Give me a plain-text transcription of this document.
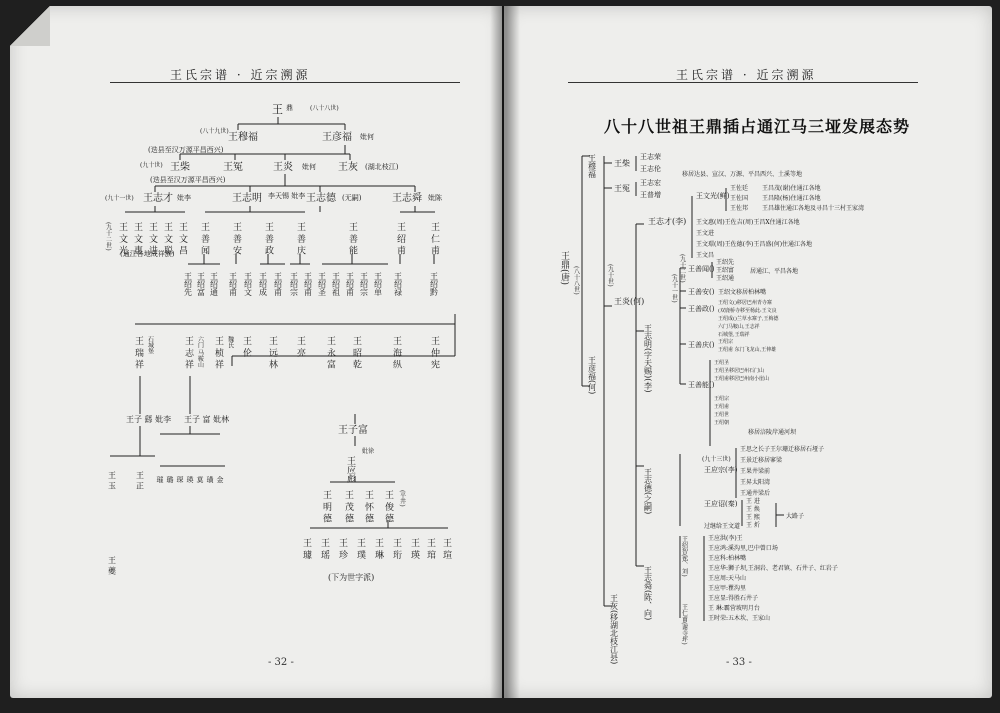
王氏宗谱 · 近宗溯源
王 鼎	(八十八世)
(八十九世)
王穆福	王彦福 妣何
(迭县至汉万源平昌西兴)
(九十世) 王柴	王冤	王炎 妣何 王灰 (湖北枝江)
(迭县至汉万源平昌西兴)
(九十一世) 王志才 妣李	王志明 李天锡 妣李 王志德 (无嗣)	王志舜 妣陈
王 文 光 王 文 惠 王 文 进 王 文 聪 王 文 昌 王 善 闻 王 善 安 王 善 政 王 善 庆	王 善 能	王 绍 甫	王 仁 甫
(九十二世)
(通江各地成祥族)
王绍先 王绍富 王绍通 王绍甫 王绍文 王绍成 王绍甫 王绍宗 王绍甫 王绍圣 王绍祖 王绍甫 王绍宗 王绍单 王绍禄	王绍黔
王 瑞 祥 石城堡	王 志 祥 六门 马鞍山 王 桢 祥 魏氏 王 伦 王 远 林 王 亮 王 永 富 王 昭 乾	王 海 纵	王 仲 宪
王子富
王应彪
妣徐
王 明 德 王 茂 德 王 怀 德 王 俊 德 (平井)
王 璩 王 瑶 王 珍 王 璞 王 琳 王 珩 王 瑛 王 琯 王 瑄
(下为世字派)
王子 繇 妣李 王子 富 妣林
王 玉 王 正
王 夔
璀 璐 琛 瑛 莫 璜 金
- 32 -
王氏宗谱 · 近宗溯源
八十八世祖王鼎插占通江马三垭发展态势
王鼎(唐) (八十八世)
王穆福
王彦福(何)
(九十世)
王柴
王志荣
王志伦
移居达县、宣汉、万源、平昌西兴、土溪等地
王冤
王志宏
王普增
王炎(何)
王灰(移湖北枝江县)
王志才(李)
(九十二世)
王文光(鲜)
王佐廷
王佐国
王佐邦
王昌茂(谢)住通江各地
王昌隆(杨)住通江各地
王昌雄住通江各地及寻昌十三村王家湾
王文惠(周)王佐吉(周)王昌X住通江各地
王文进
王文璟(周)王佐德(李)王昌盛(何)住通江各地
王文昌
王志明(字天赐)(李)
(九十一世)
王善闻()
王绍先
王绍富
王绍通
居通江、平昌各地
王善安() 王绍文移居柏林嘴
王善政()
王绍文()移居巴州青寺寨
(双鹿桥寺移至杨此:王文良
王绍成()兰草水寨子,王梅德
六门马鞍山,王志祥
石城堡,王瑞祥
王善庆() 王绍宗
王绍甫 东门飞龙山,王伸雄
王善能()
王绍圣
王绍圣移居巴州石门山
王绍甫移居巴州南小崖山
王绍宗
王绍甫
王绍世
王绍朝
移居涪陵岸通河坝
王志德(之嗣)
(九十三世)
王应宗(李)
王思之长子王尔珊迁移居石垭子
王景迁移居寥梁
王果井梁前
王昇太阳湾
王通井梁后
王应诏(秦)
过继给王文道
王 进
王 焕
王 熙
王 炘
大路子
王志舜(陈、向)
王绍智(郑、刘)
王仁甫(谢寺坪)
王应洪(李)王
王应鸿:溪沟里,巴中曾口场
王应科:柏林嘴
王应华:狮子坝,王洞岩、老君镇、石井子、红岩子
王应周:天马山
王应甲:瞿沟里
王应显:得胜石井子
王 琳:霸营坡明月台
王时荣:五木坎、王家山
- 33 -
